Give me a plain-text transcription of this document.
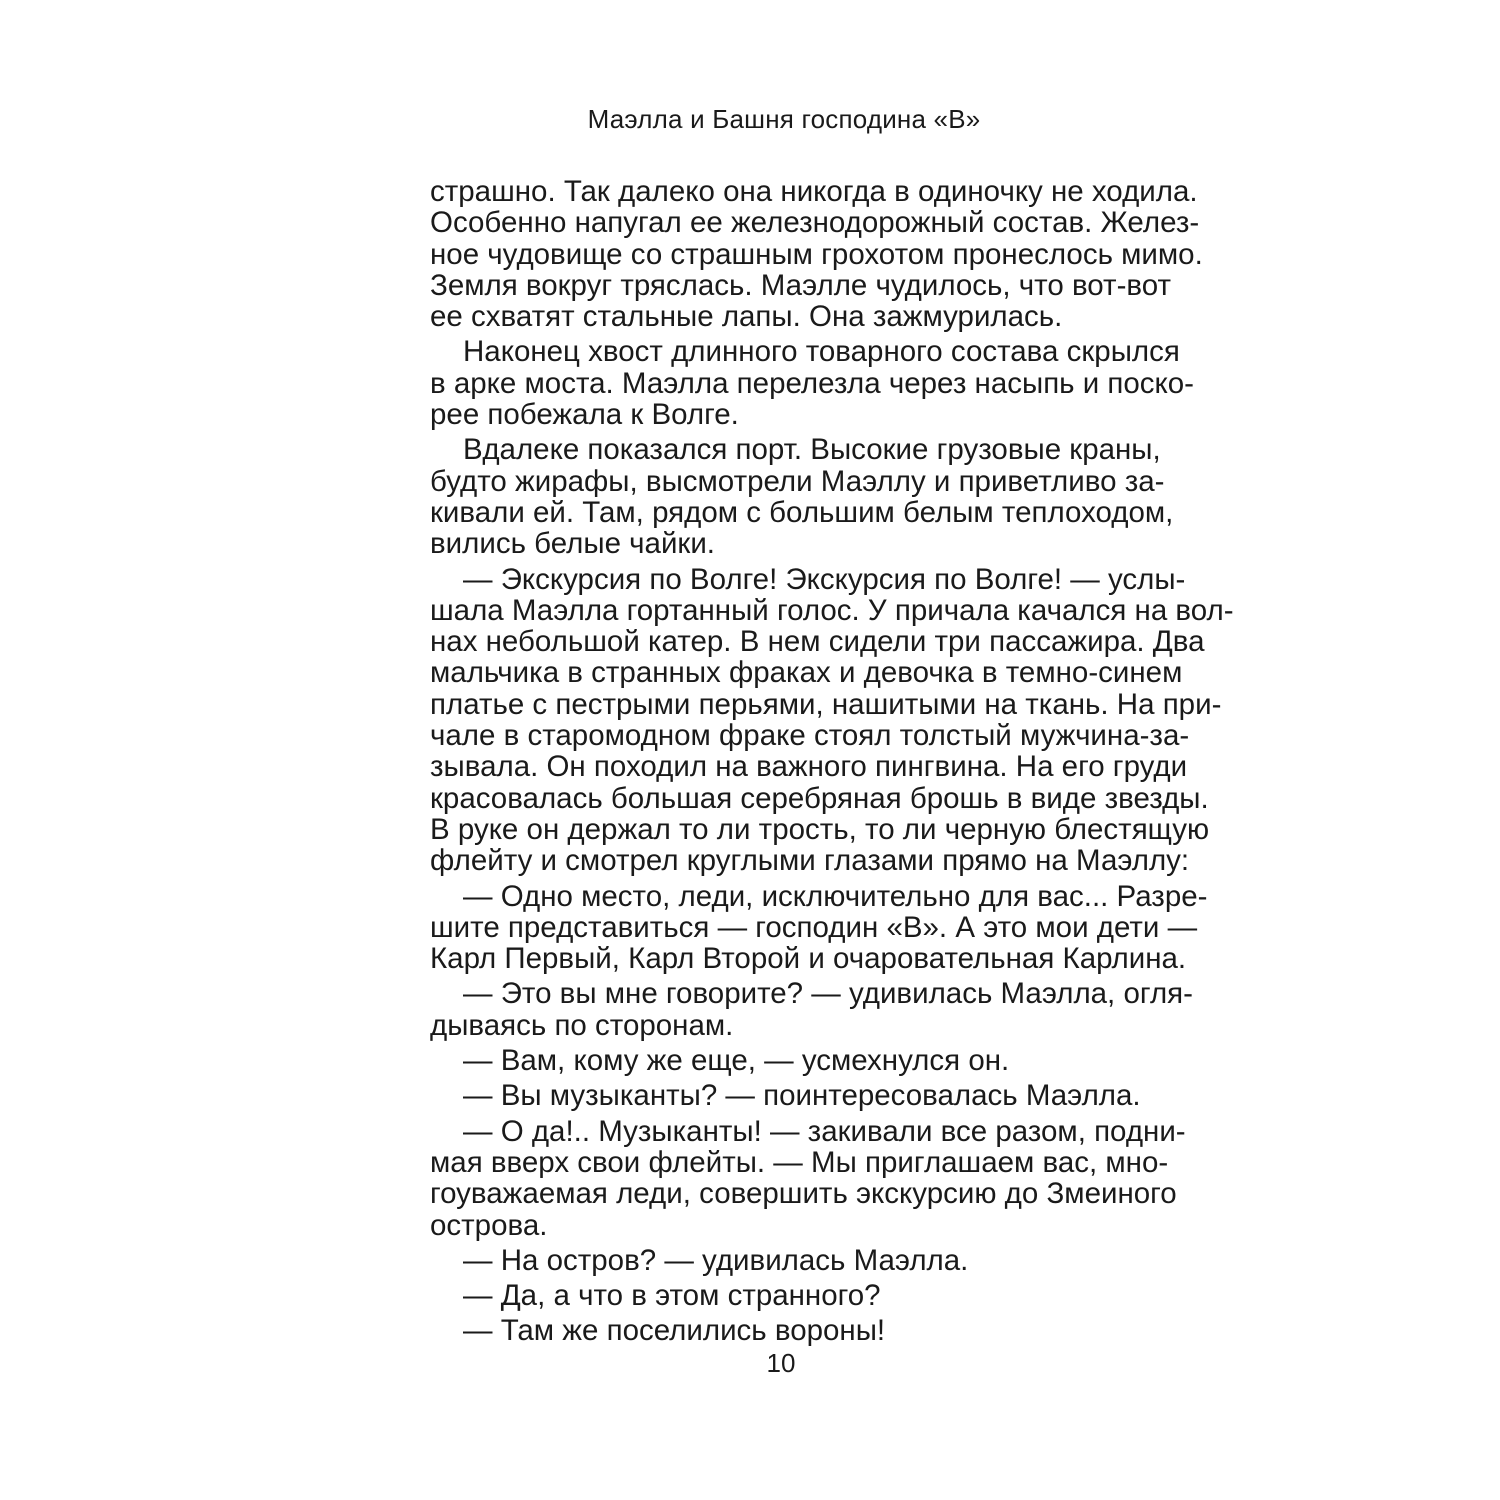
Маэлла и Башня господина «В»
страшно. Так далеко она никогда в одиночку не ходила.
Особенно напугал ее железнодорожный состав. Желез-
ное чудовище со страшным грохотом пронеслось мимо.
Земля вокруг тряслась. Маэлле чудилось, что вот-вот
ее схватят стальные лапы. Она зажмурилась.
Наконец хвост длинного товарного состава скрылся
в арке моста. Маэлла перелезла через насыпь и поско-
рее побежала к Волге.
Вдалеке показался порт. Высокие грузовые краны,
будто жирафы, высмотрели Маэллу и приветливо за-
кивали ей. Там, рядом с большим белым теплоходом,
вились белые чайки.
— Экскурсия по Волге! Экскурсия по Волге! — услы-
шала Маэлла гортанный голос. У причала качался на вол-
нах небольшой катер. В нем сидели три пассажира. Два
мальчика в странных фраках и девочка в темно-синем
платье с пестрыми перьями, нашитыми на ткань. На при-
чале в старомодном фраке стоял толстый мужчина-за-
зывала. Он походил на важного пингвина. На его груди
красовалась большая серебряная брошь в виде звезды.
В руке он держал то ли трость, то ли черную блестящую
флейту и смотрел круглыми глазами прямо на Маэллу:
— Одно место, леди, исключительно для вас... Разре-
шите представиться — господин «В». А это мои дети —
Карл Первый, Карл Второй и очаровательная Карлина.
— Это вы мне говорите? — удивилась Маэлла, огля-
дываясь по сторонам.
— Вам, кому же еще, — усмехнулся он.
— Вы музыканты? — поинтересовалась Маэлла.
— О да!.. Музыканты! — закивали все разом, подни-
мая вверх свои флейты. — Мы приглашаем вас, мно-
гоуважаемая леди, совершить экскурсию до Змеиного
острова.
— На остров? — удивилась Маэлла.
— Да, а что в этом странного?
— Там же поселились вороны!
10
